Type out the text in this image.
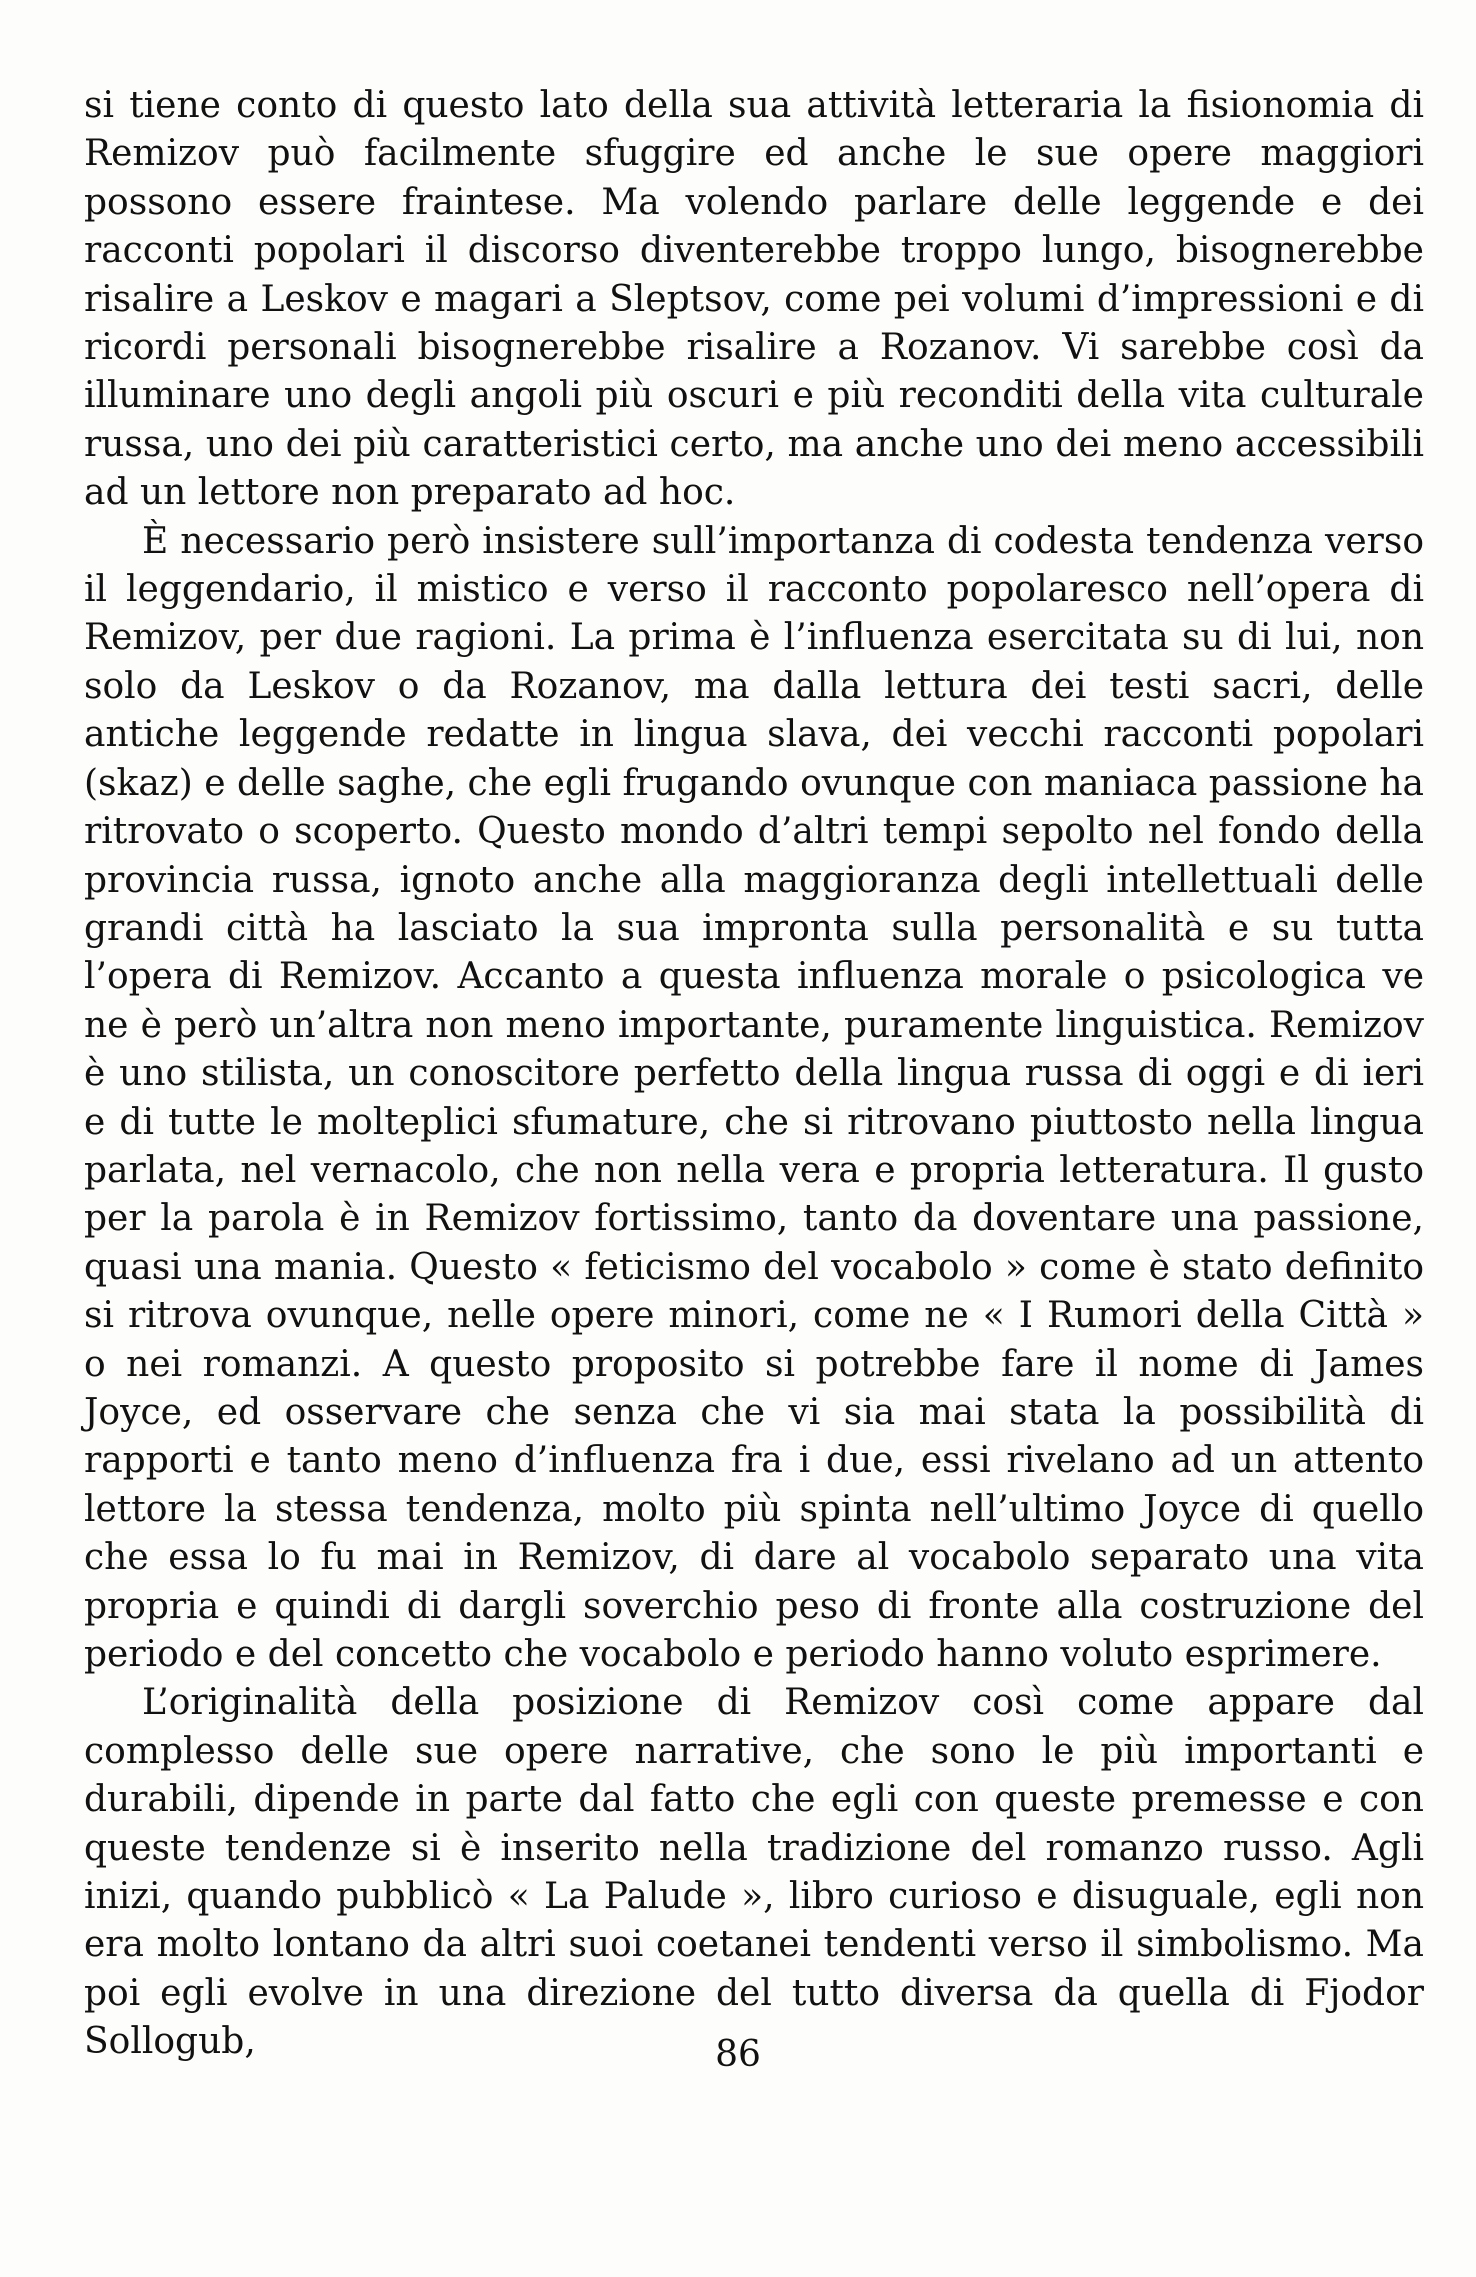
si tiene conto di questo lato della sua attività letteraria la fisionomia di Remizov può facilmente sfuggire ed anche le sue opere maggiori possono essere fraintese. Ma volendo parlare delle leggende e dei racconti popolari il discorso diventerebbe troppo lungo, bisognerebbe risalire a Leskov e magari a Sleptsov, come pei volumi d’impressioni e di ricordi personali bisognerebbe risalire a Rozanov. Vi sarebbe così da illuminare uno degli angoli più oscuri e più reconditi della vita culturale russa, uno dei più caratteristici certo, ma anche uno dei meno accessibili ad un lettore non preparato ad hoc.

È necessario però insistere sull’importanza di codesta tendenza verso il leggendario, il mistico e verso il racconto popolaresco nell’opera di Remizov, per due ragioni. La prima è l’influenza esercitata su di lui, non solo da Leskov o da Rozanov, ma dalla lettura dei testi sacri, delle antiche leggende redatte in lingua slava, dei vecchi racconti popolari (skaz) e delle saghe, che egli frugando ovunque con maniaca passione ha ritrovato o scoperto. Questo mondo d’altri tempi sepolto nel fondo della provincia russa, ignoto anche alla maggioranza degli intellettuali delle grandi città ha lasciato la sua impronta sulla personalità e su tutta l’opera di Remizov. Accanto a questa influenza morale o psicologica ve ne è però un’altra non meno importante, puramente linguistica. Remizov è uno stilista, un conoscitore perfetto della lingua russa di oggi e di ieri e di tutte le molteplici sfumature, che si ritrovano piuttosto nella lingua parlata, nel vernacolo, che non nella vera e propria letteratura. Il gusto per la parola è in Remizov fortissimo, tanto da doventare una passione, quasi una mania. Questo « feticismo del vocabolo » come è stato definito si ritrova ovunque, nelle opere minori, come ne « I Rumori della Città » o nei romanzi. A questo proposito si potrebbe fare il nome di James Joyce, ed osservare che senza che vi sia mai stata la possibilità di rapporti e tanto meno d’influenza fra i due, essi rivelano ad un attento lettore la stessa tendenza, molto più spinta nell’ultimo Joyce di quello che essa lo fu mai in Remizov, di dare al vocabolo separato una vita propria e quindi di dargli soverchio peso di fronte alla costruzione del periodo e del concetto che vocabolo e periodo hanno voluto esprimere.

L’originalità della posizione di Remizov così come appare dal complesso delle sue opere narrative, che sono le più importanti e durabili, dipende in parte dal fatto che egli con queste premesse e con queste tendenze si è inserito nella tradizione del romanzo russo. Agli inizi, quando pubblicò « La Palude », libro curioso e disuguale, egli non era molto lontano da altri suoi coetanei tendenti verso il simbolismo. Ma poi egli evolve in una direzione del tutto diversa da quella di Fjodor Sollogub,	86
